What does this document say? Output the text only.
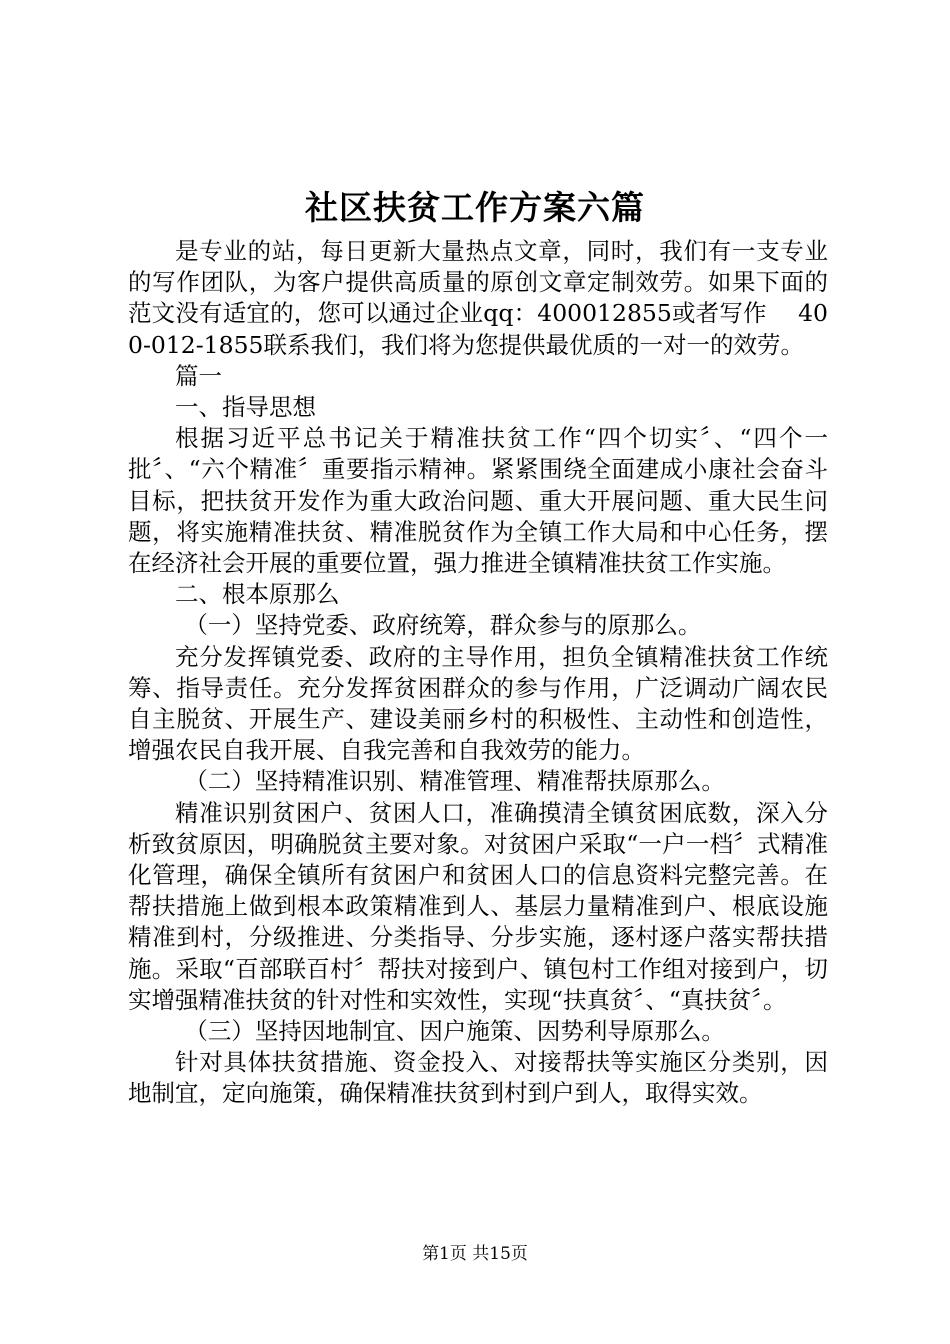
社区扶贫工作方案六篇

是专业的站，每日更新大量热点文章，同时，我们有一支专业的写作团队，为客户提供高质量的原创文章定制效劳。如果下面的范文没有适宜的，您可以通过企业qq：400012855或者写作　 400-012-1855联系我们，我们将为您提供最优质的一对一的效劳。

篇一

一、指导思想

根据习近平总书记关于精准扶贫工作“四个切实〞、“四个一批〞、“六个精准〞重要指示精神。紧紧围绕全面建成小康社会奋斗目标，把扶贫开发作为重大政治问题、重大开展问题、重大民生问题，将实施精准扶贫、精准脱贫作为全镇工作大局和中心任务，摆在经济社会开展的重要位置，强力推进全镇精准扶贫工作实施。

二、根本原那么

（一）坚持党委、政府统筹，群众参与的原那么。

充分发挥镇党委、政府的主导作用，担负全镇精准扶贫工作统筹、指导责任。充分发挥贫困群众的参与作用，广泛调动广阔农民自主脱贫、开展生产、建设美丽乡村的积极性、主动性和创造性，增强农民自我开展、自我完善和自我效劳的能力。

（二）坚持精准识别、精准管理、精准帮扶原那么。

精准识别贫困户、贫困人口，准确摸清全镇贫困底数，深入分析致贫原因，明确脱贫主要对象。对贫困户采取“一户一档〞式精准化管理，确保全镇所有贫困户和贫困人口的信息资料完整完善。在帮扶措施上做到根本政策精准到人、基层力量精准到户、根底设施精准到村，分级推进、分类指导、分步实施，逐村逐户落实帮扶措施。采取“百部联百村〞帮扶对接到户、镇包村工作组对接到户，切实增强精准扶贫的针对性和实效性，实现“扶真贫〞、“真扶贫〞。

（三）坚持因地制宜、因户施策、因势利导原那么。

针对具体扶贫措施、资金投入、对接帮扶等实施区分类别，因地制宜，定向施策，确保精准扶贫到村到户到人，取得实效。

第1页 共15页
